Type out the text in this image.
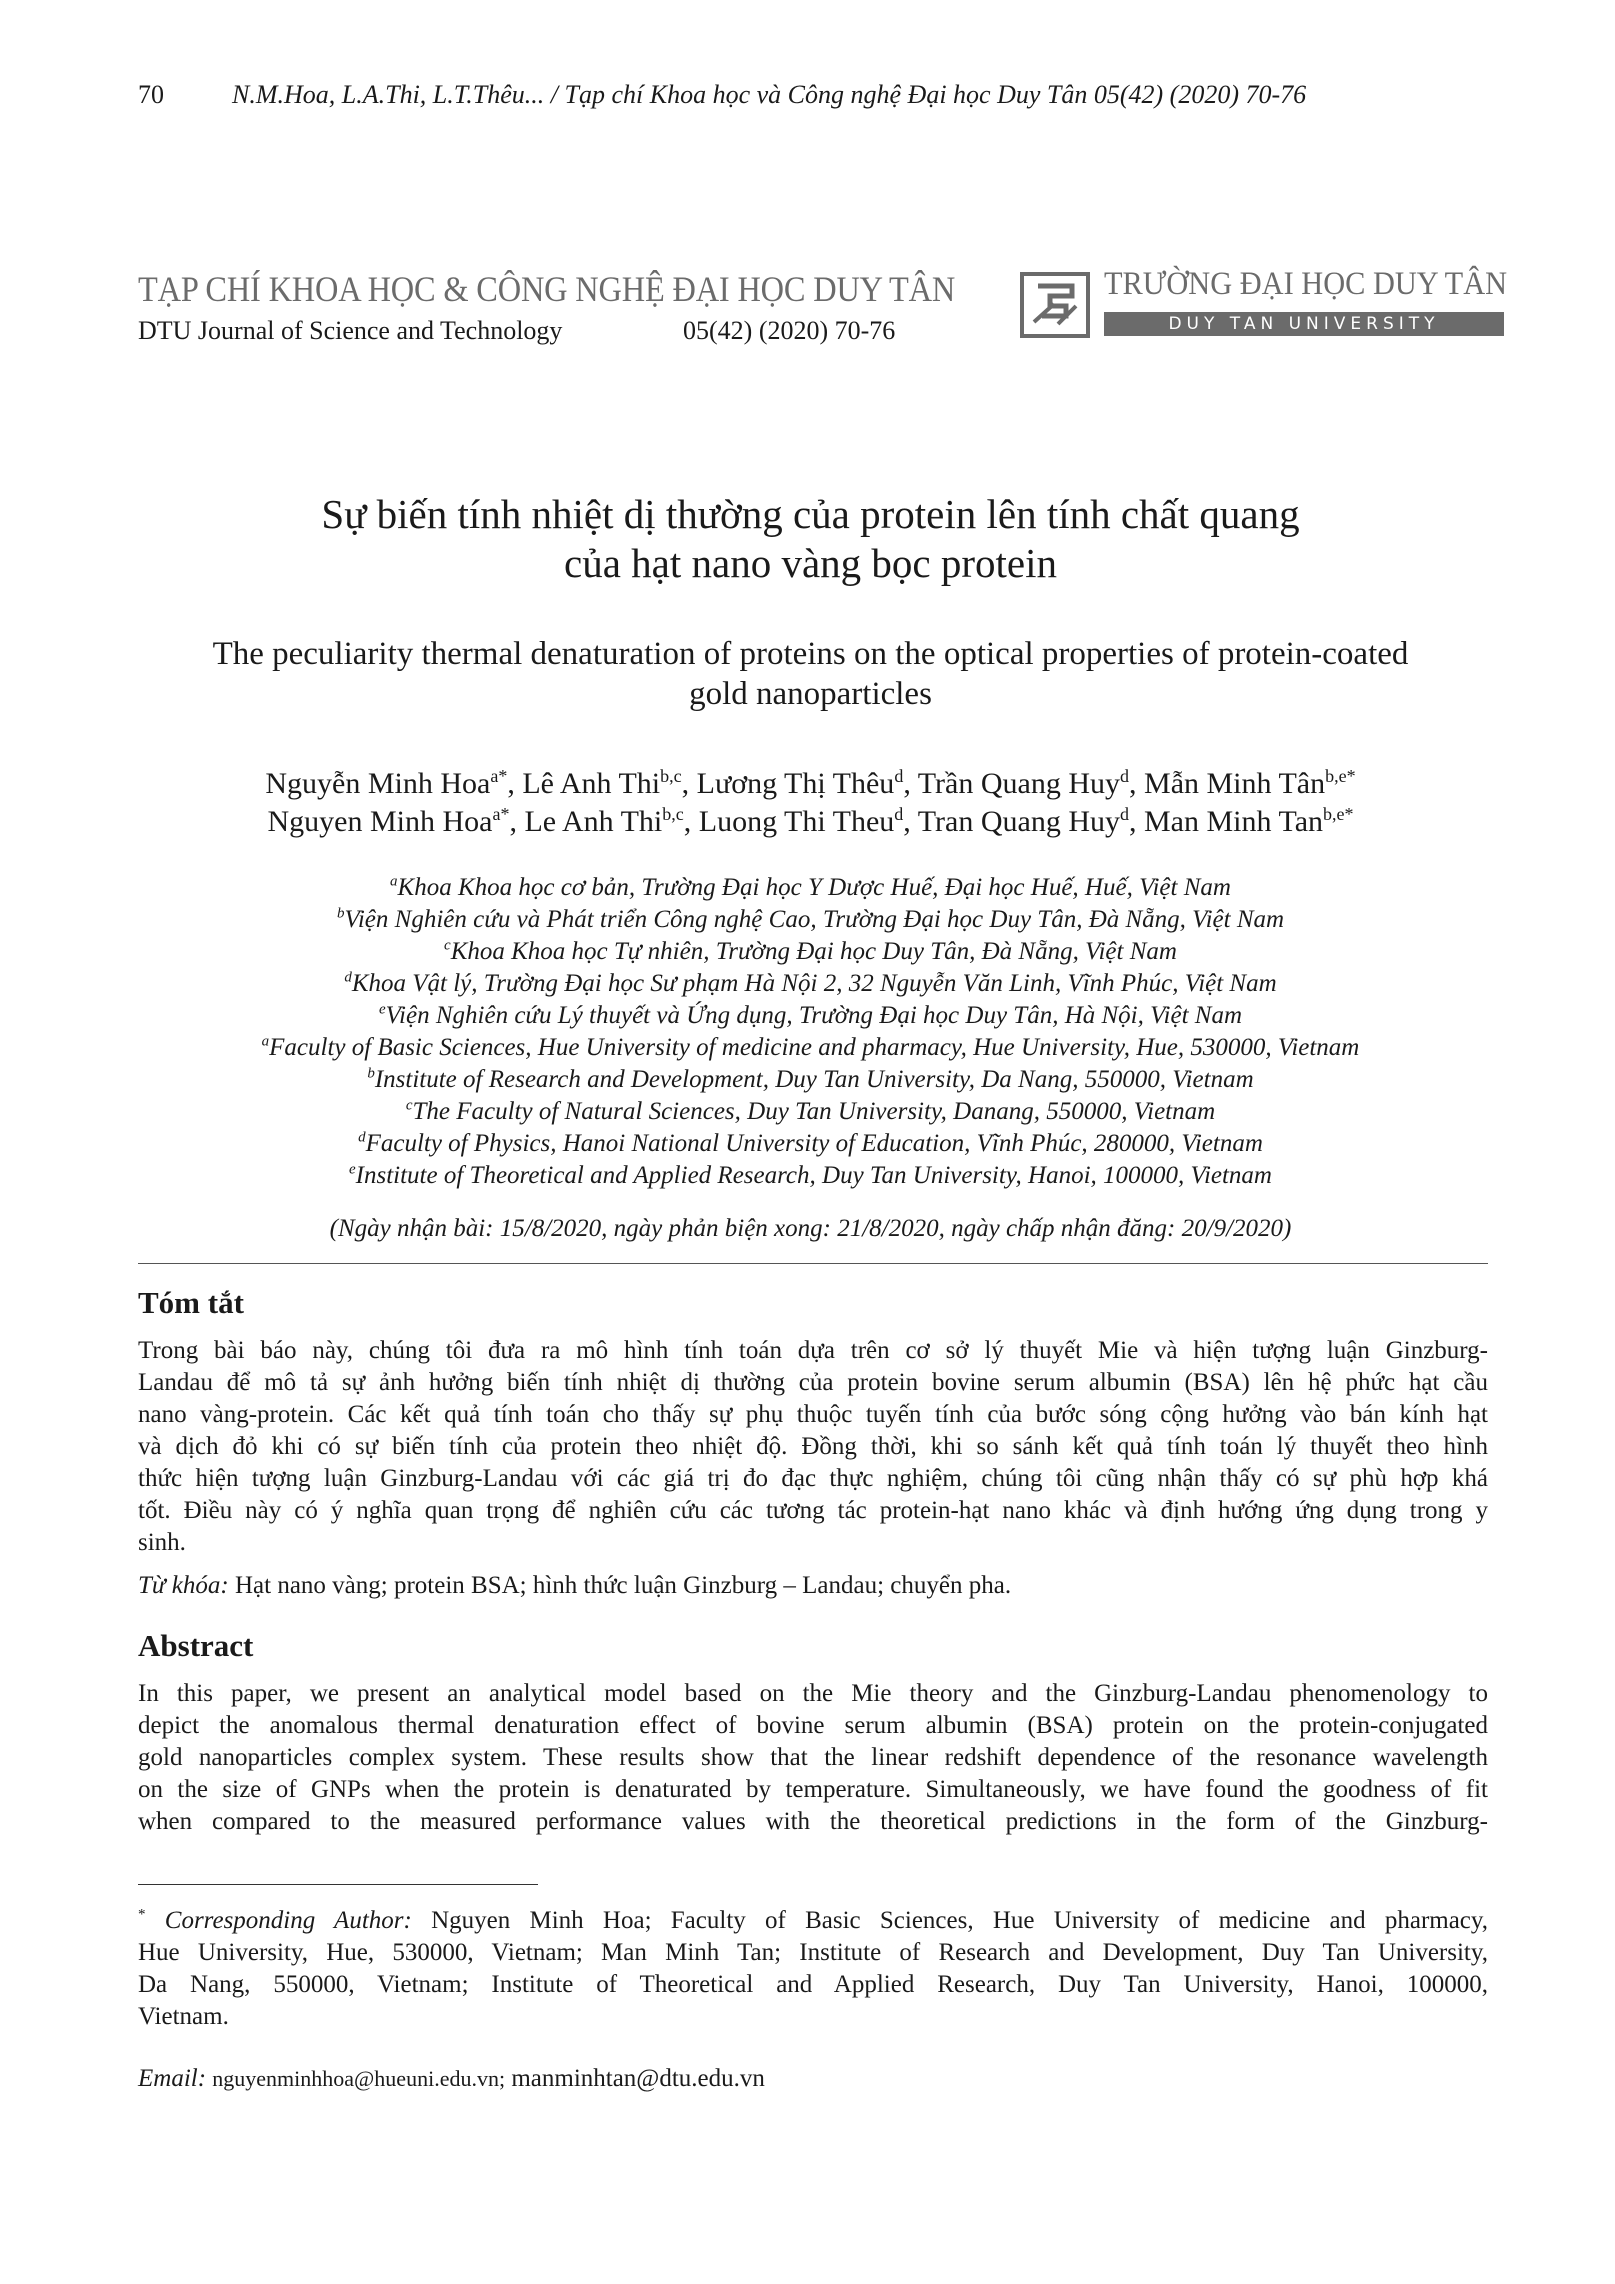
70	N.M.Hoa, L.A.Thi, L.T.Thêu... / Tạp chí Khoa học và Công nghệ Đại học Duy Tân 05(42) (2020) 70-76
TẠP CHÍ KHOA HỌC & CÔNG NGHỆ ĐẠI HỌC DUY TÂN
DTU Journal of Science and Technology	05(42) (2020) 70-76
TRƯỜNG ĐẠI HỌC DUY TÂN
DUY TAN UNIVERSITY
Sự biến tính nhiệt dị thường của protein lên tính chất quang
của hạt nano vàng bọc protein
The peculiarity thermal denaturation of proteins on the optical properties of protein-coated
gold nanoparticles
Nguyễn Minh Hoa$^{a*}$, Lê Anh Thi$^{b,c}$, Lương Thị Thêu$^d$, Trần Quang Huy$^d$, Mẫn Minh Tân$^{b,e*}$
Nguyen Minh Hoa$^{a*}$, Le Anh Thi$^{b,c}$, Luong Thi Theu$^d$, Tran Quang Huy$^d$, Man Minh Tan$^{b,e*}$
$^a$Khoa Khoa học cơ bản, Trường Đại học Y Dược Huế, Đại học Huế, Huế, Việt Nam
$^b$Viện Nghiên cứu và Phát triển Công nghệ Cao, Trường Đại học Duy Tân, Đà Nẵng, Việt Nam
$^c$Khoa Khoa học Tự nhiên, Trường Đại học Duy Tân, Đà Nẵng, Việt Nam
$^d$Khoa Vật lý, Trường Đại học Sư phạm Hà Nội 2, 32 Nguyễn Văn Linh, Vĩnh Phúc, Việt Nam
$^e$Viện Nghiên cứu Lý thuyết và Ứng dụng, Trường Đại học Duy Tân, Hà Nội, Việt Nam
$^a$Faculty of Basic Sciences, Hue University of medicine and pharmacy, Hue University, Hue, 530000, Vietnam
$^b$Institute of Research and Development, Duy Tan University, Da Nang, 550000, Vietnam
$^c$The Faculty of Natural Sciences, Duy Tan University, Danang, 550000, Vietnam
$^d$Faculty of Physics, Hanoi National University of Education, Vĩnh Phúc, 280000, Vietnam
$^e$Institute of Theoretical and Applied Research, Duy Tan University, Hanoi, 100000, Vietnam
(Ngày nhận bài: 15/8/2020, ngày phản biện xong: 21/8/2020, ngày chấp nhận đăng: 20/9/2020)
Tóm tắt
Trong bài báo này, chúng tôi đưa ra mô hình tính toán dựa trên cơ sở lý thuyết Mie và hiện tượng luận Ginzburg-
Landau để mô tả sự ảnh hưởng biến tính nhiệt dị thường của protein bovine serum albumin (BSA) lên hệ phức hạt cầu
nano vàng-protein. Các kết quả tính toán cho thấy sự phụ thuộc tuyến tính của bước sóng cộng hưởng vào bán kính hạt
và dịch đỏ khi có sự biến tính của protein theo nhiệt độ. Đồng thời, khi so sánh kết quả tính toán lý thuyết theo hình
thức hiện tượng luận Ginzburg-Landau với các giá trị đo đạc thực nghiệm, chúng tôi cũng nhận thấy có sự phù hợp khá
tốt. Điều này có ý nghĩa quan trọng để nghiên cứu các tương tác protein-hạt nano khác và định hướng ứng dụng trong y
sinh.
Từ khóa: Hạt nano vàng; protein BSA; hình thức luận Ginzburg – Landau; chuyển pha.
Abstract
In this paper, we present an analytical model based on the Mie theory and the Ginzburg-Landau phenomenology to
depict the anomalous thermal denaturation effect of bovine serum albumin (BSA) protein on the protein-conjugated
gold nanoparticles complex system. These results show that the linear redshift dependence of the resonance wavelength
on the size of GNPs when the protein is denaturated by temperature. Simultaneously, we have found the goodness of fit
when compared to the measured performance values with the theoretical predictions in the form of the Ginzburg-
* Corresponding Author: Nguyen Minh Hoa; Faculty of Basic Sciences, Hue University of medicine and pharmacy,
Hue University, Hue, 530000, Vietnam; Man Minh Tan; Institute of Research and Development, Duy Tan University,
Da Nang, 550000, Vietnam; Institute of Theoretical and Applied Research, Duy Tan University, Hanoi, 100000,
Vietnam.
Email: nguyenminhhoa@hueuni.edu.vn; manminhtan@dtu.edu.vn
